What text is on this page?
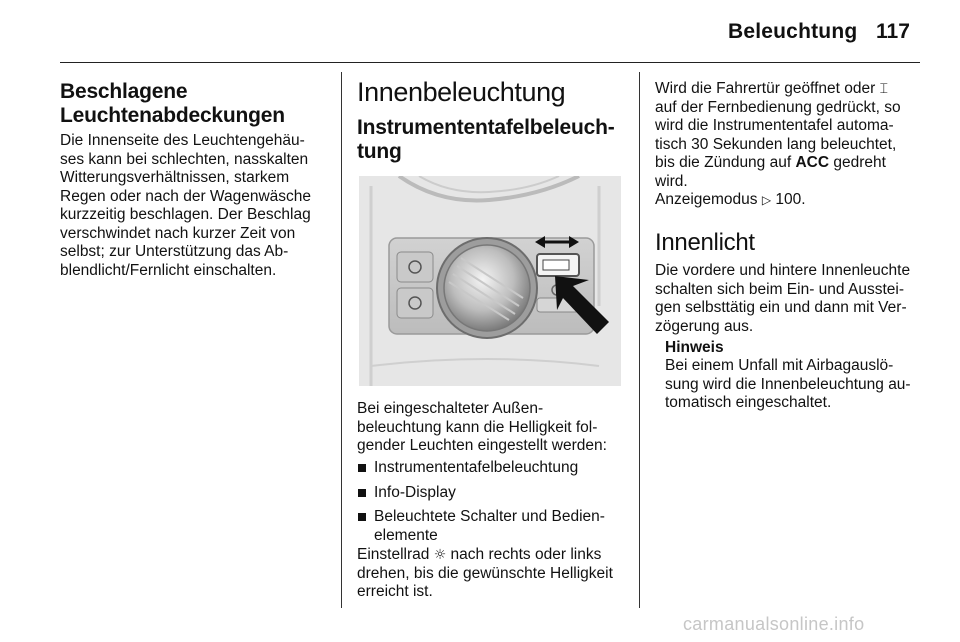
Beleuchtung 117
Beschlagene
Leuchtenabdeckungen
Die Innenseite des Leuchtengehäu-
ses kann bei schlechten, nasskalten
Witterungsverhältnissen, starkem
Regen oder nach der Wagenwäsche
kurzzeitig beschlagen. Der Beschlag
verschwindet nach kurzer Zeit von
selbst; zur Unterstützung das Ab-
blendlicht/Fernlicht einschalten.
Innenbeleuchtung
Instrumententafelbeleuch-
tung
Bei eingeschalteter Außen-
beleuchtung kann die Helligkeit fol-
gender Leuchten eingestellt werden:
Instrumententafelbeleuchtung
Info-Display
Beleuchtete Schalter und Bedien-
elemente
Einstellrad ☼ nach rechts oder links
drehen, bis die gewünschte Helligkeit
erreicht ist.
Wird die Fahrertür geöffnet oder ⌶
auf der Fernbedienung gedrückt, so
wird die Instrumententafel automa-
tisch 30 Sekunden lang beleuchtet,
bis die Zündung auf ACC gedreht
wird.
Anzeigemodus ▷ 100.
Innenlicht
Die vordere und hintere Innenleuchte
schalten sich beim Ein- und Ausstei-
gen selbsttätig ein und dann mit Ver-
zögerung aus.
Hinweis
Bei einem Unfall mit Airbagauslö-
sung wird die Innenbeleuchtung au-
tomatisch eingeschaltet.
carmanualsonline.info
